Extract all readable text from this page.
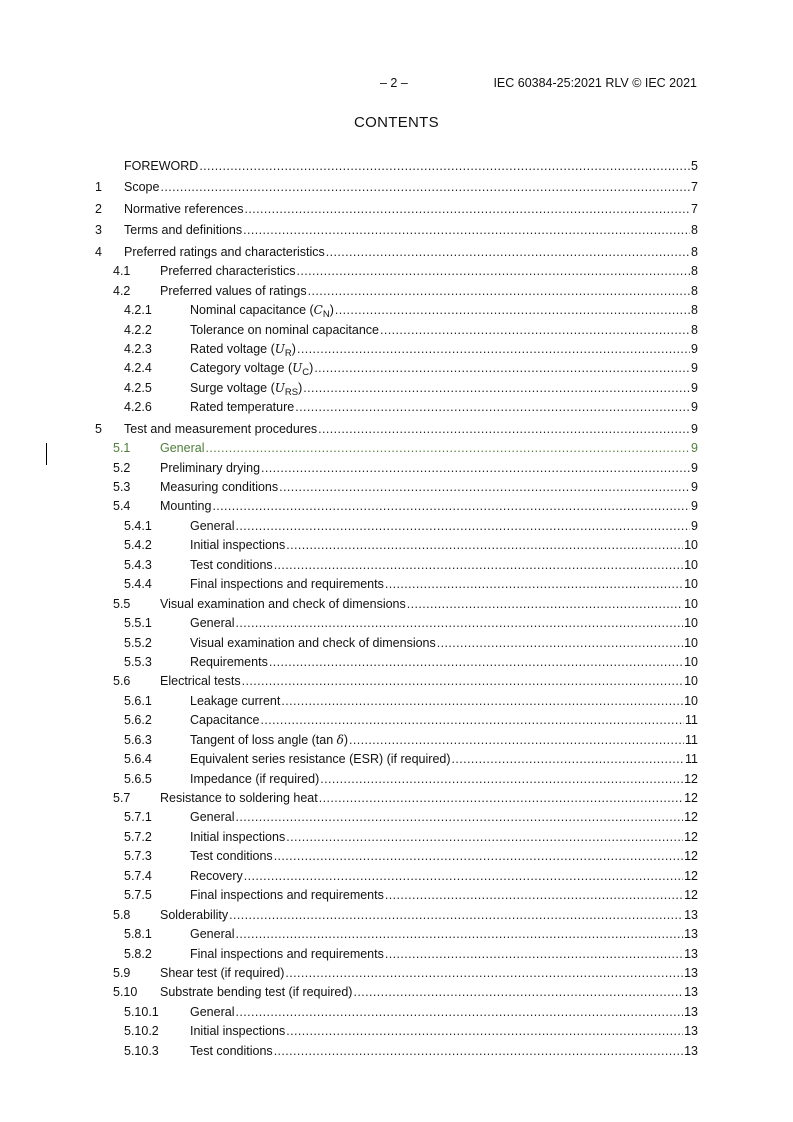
– 2 –	IEC 60384-25:2021 RLV © IEC 2021
CONTENTS
FOREWORD .....	5
1	Scope .....	7
2	Normative references .....	7
3	Terms and definitions .....	8
4	Preferred ratings and characteristics .....	8
4.1	Preferred characteristics .....	8
4.2	Preferred values of ratings .....	8
4.2.1	Nominal capacitance $(C_N)$ .....	8
4.2.2	Tolerance on nominal capacitance .....	8
4.2.3	Rated voltage $(U_R)$ .....	9
4.2.4	Category voltage $(U_C)$ .....	9
4.2.5	Surge voltage $(U_{RS})$ .....	9
4.2.6	Rated temperature .....	9
5	Test and measurement procedures .....	9
5.1	General .....	9
5.2	Preliminary drying .....	9
5.3	Measuring conditions .....	9
5.4	Mounting .....	9
5.4.1	General .....	9
5.4.2	Initial inspections .....	10
5.4.3	Test conditions .....	10
5.4.4	Final inspections and requirements .....	10
5.5	Visual examination and check of dimensions .....	10
5.5.1	General .....	10
5.5.2	Visual examination and check of dimensions .....	10
5.5.3	Requirements .....	10
5.6	Electrical tests .....	10
5.6.1	Leakage current .....	10
5.6.2	Capacitance .....	11
5.6.3	Tangent of loss angle (tan δ) .....	11
5.6.4	Equivalent series resistance (ESR) (if required) .....	11
5.6.5	Impedance (if required) .....	12
5.7	Resistance to soldering heat .....	12
5.7.1	General .....	12
5.7.2	Initial inspections .....	12
5.7.3	Test conditions .....	12
5.7.4	Recovery .....	12
5.7.5	Final inspections and requirements .....	12
5.8	Solderability .....	13
5.8.1	General .....	13
5.8.2	Final inspections and requirements .....	13
5.9	Shear test (if required) .....	13
5.10	Substrate bending test (if required) .....	13
5.10.1	General .....	13
5.10.2	Initial inspections .....	13
5.10.3	Test conditions .....	13
